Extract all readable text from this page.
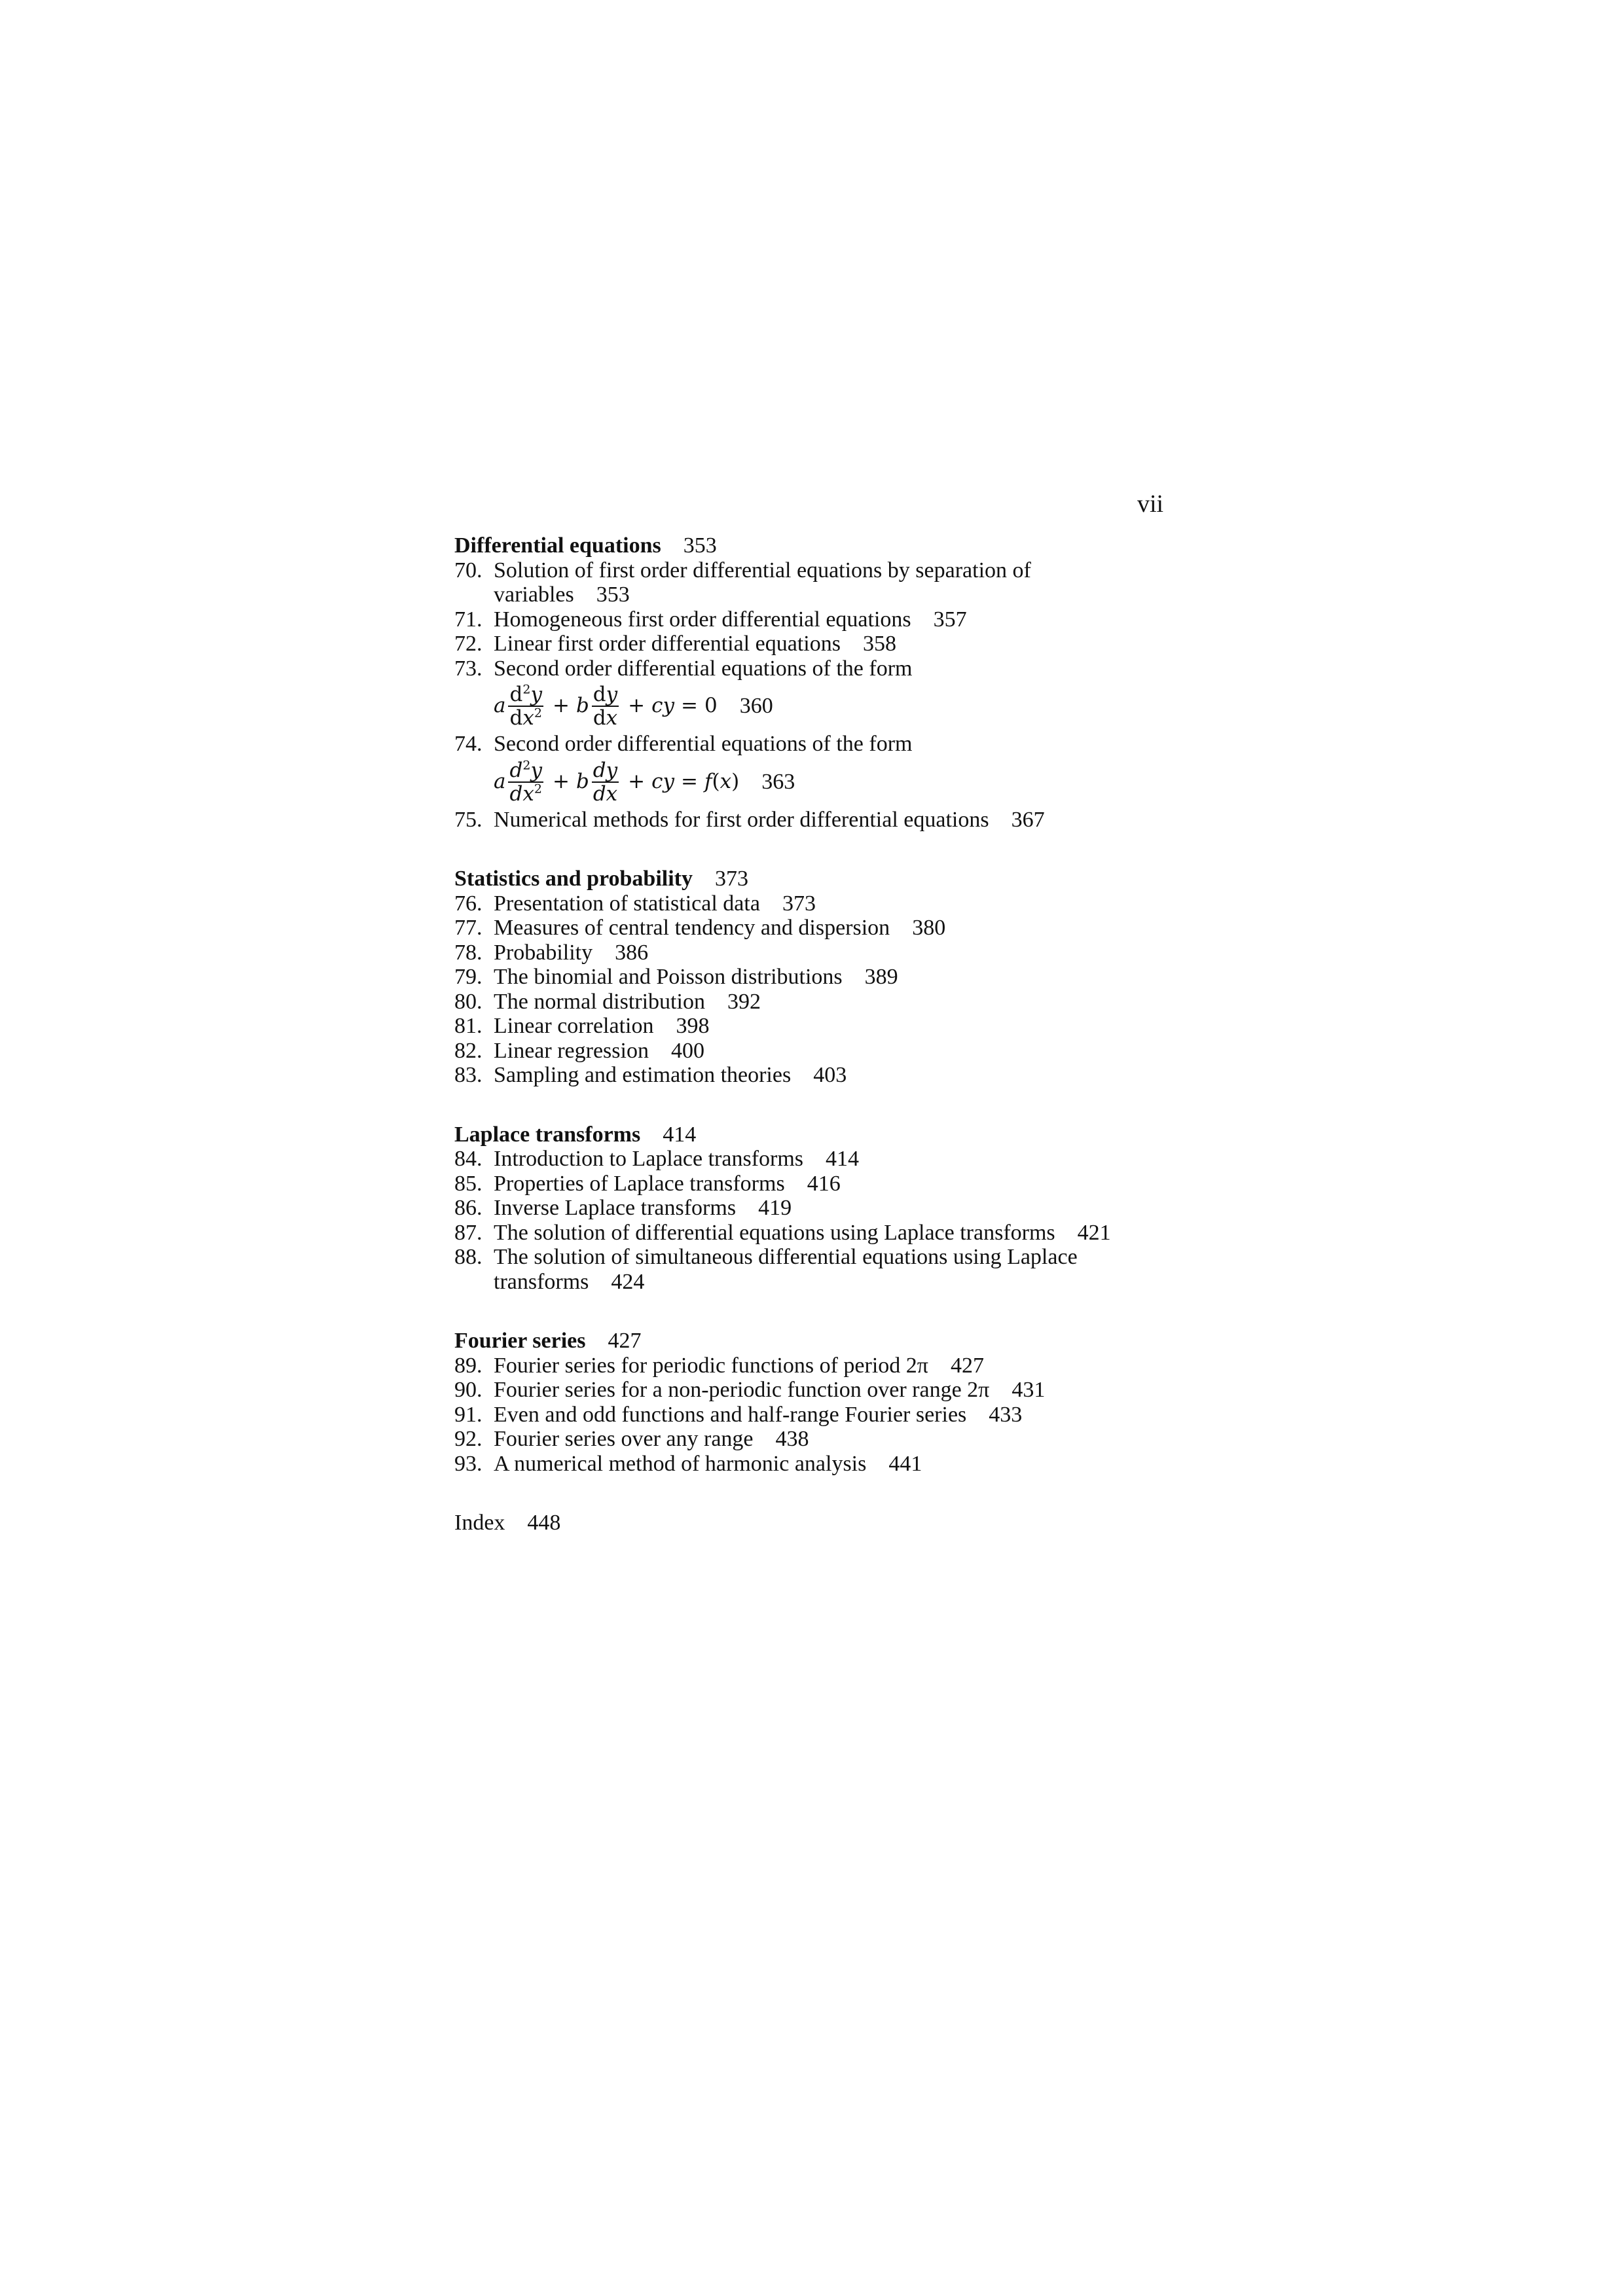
vii
Differential equations 353
70. Solution of first order differential equations by separation of
variables 353
71. Homogeneous first order differential equations 357
72. Linear first order differential equations 358
73. Second order differential equations of the form
a $\frac{d^2y}{dx^2} + b \frac{dy}{dx}$ + cy = 0	360
74. Second order differential equations of the form
a $\frac{d^2y}{dx^2} + b \frac{dy}{dx}$ + cy = f(x)	363
75. Numerical methods for first order differential equations 367
Statistics and probability 373
76. Presentation of statistical data 373
77. Measures of central tendency and dispersion 380
78. Probability 386
79. The binomial and Poisson distributions 389
80. The normal distribution 392
81. Linear correlation 398
82. Linear regression 400
83. Sampling and estimation theories 403
Laplace transforms 414
84. Introduction to Laplace transforms 414
85. Properties of Laplace transforms 416
86. Inverse Laplace transforms 419
87. The solution of differential equations using Laplace transforms 421
88. The solution of simultaneous differential equations using Laplace
transforms 424
Fourier series 427
89. Fourier series for periodic functions of period 2π 427
90. Fourier series for a non-periodic function over range 2π 431
91. Even and odd functions and half-range Fourier series 433
92. Fourier series over any range 438
93. A numerical method of harmonic analysis 441
Index 448
